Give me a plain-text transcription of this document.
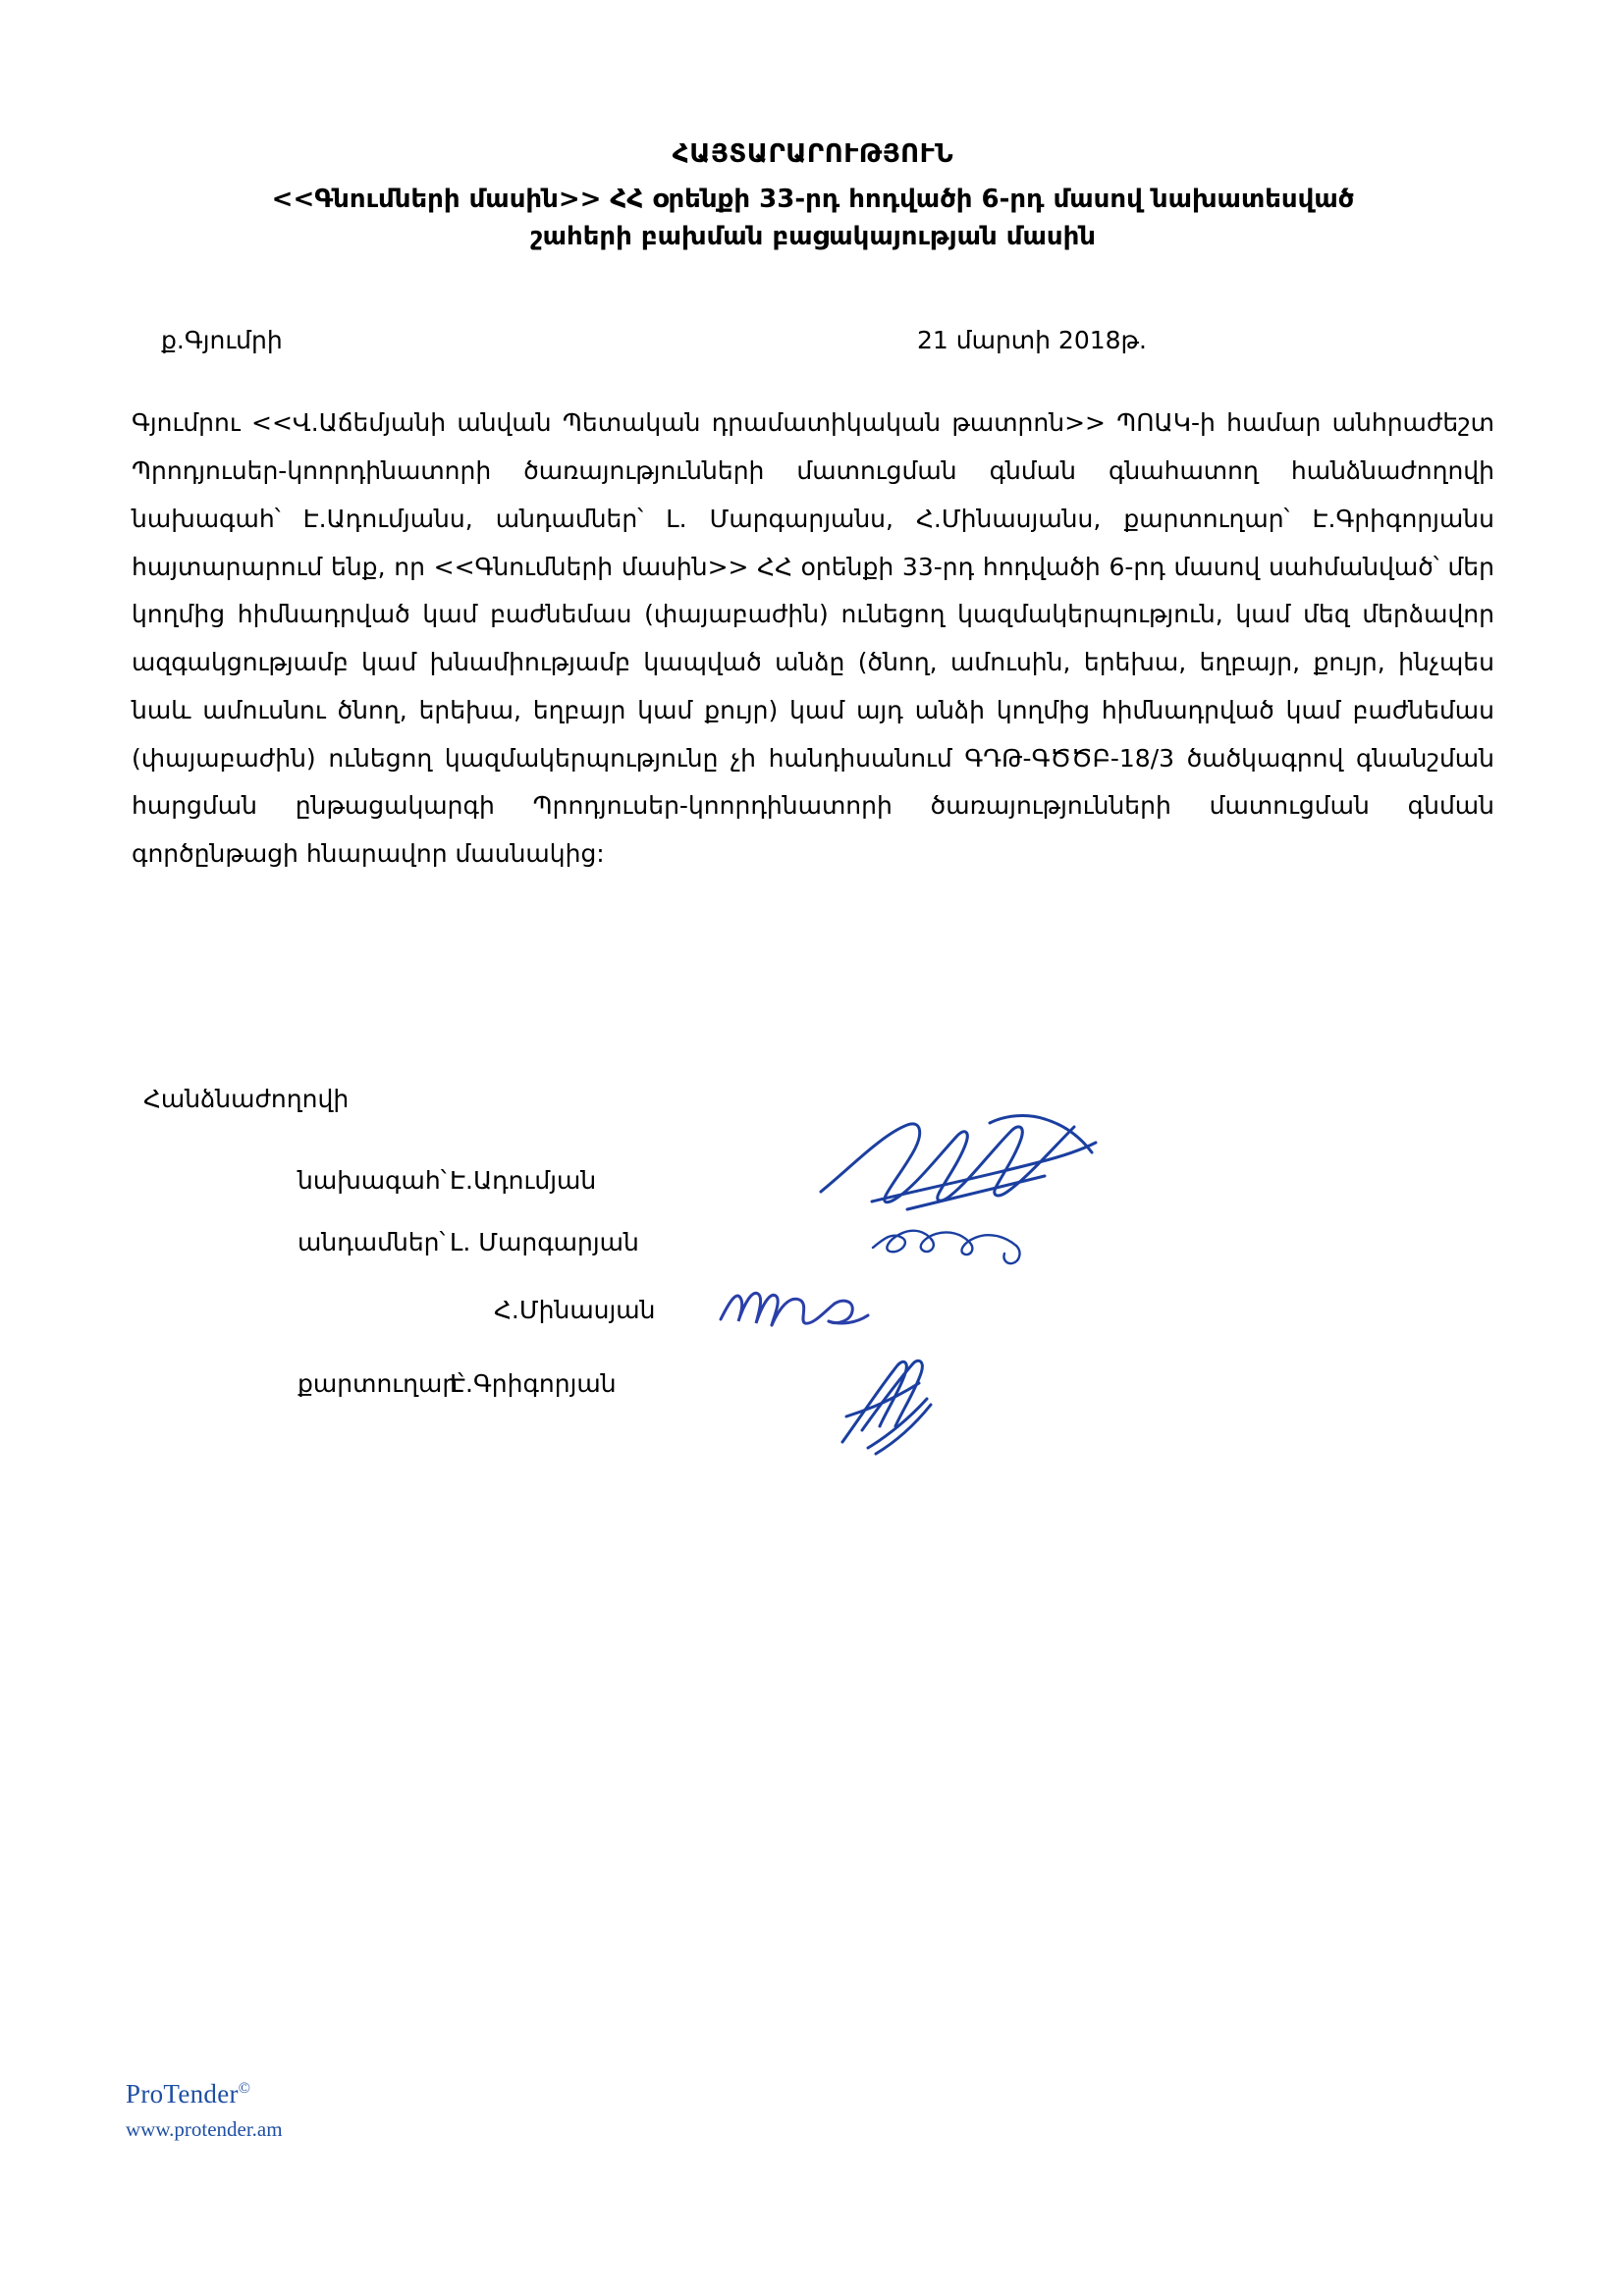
ՀԱՅՏԱՐԱՐՈՒԹՅՈՒՆ
<<Գնումների մասին>> ՀՀ օրենքի 33-րդ հոդվածի 6-րդ մասով նախատեսված
շահերի բախման բացակայության մասին
ք.Գյումրի	21 մարտի 2018թ.

Գյումրու <<Վ.Աճեմյանի անվան Պետական դրամատիկական թատրոն>> ՊՈԱԿ-ի համար անհրաժեշտ Պրոդյուսեր-կոորդինատորի ծառայությունների մատուցման գնման գնահատող հանձնաժողովի նախագահ՝ Է.Ադումյանս, անդամներ՝ Լ. Մարգարյանս, Հ.Մինասյանս, քարտուղար՝ Է.Գրիգորյանս հայտարարում ենք, որ <<Գնումների մասին>> ՀՀ օրենքի 33-րդ հոդվածի 6-րդ մասով սահմանված՝ մեր կողմից հիմնադրված կամ բաժնեմաս (փայաբաժին) ունեցող կազմակերպություն, կամ մեզ մերձավոր ազգակցությամբ կամ խնամիությամբ կապված անձը (ծնող, ամուսին, երեխա, եղբայր, քույր, ինչպես նաև ամուսնու ծնող, երեխա, եղբայր կամ քույր) կամ այդ անձի կողմից հիմնադրված կամ բաժնեմաս (փայաբաժին) ունեցող կազմակերպությունը չի հանդիսանում ԳԴԹ-ԳԾԾԲ-18/3 ծածկագրով գնանշման հարցման ընթացակարգի Պրոդյուսեր-կոորդինատորի ծառայությունների մատուցման գնման գործընթացի հնարավոր մասնակից:

Հանձնաժողովի
նախագահ՝ Է.Ադումյան
անդամներ՝ Լ. Մարգարյան
Հ.Մինասյան
քարտուղար՝
Է.Գրիգորյան
ProTender©
www.protender.am
